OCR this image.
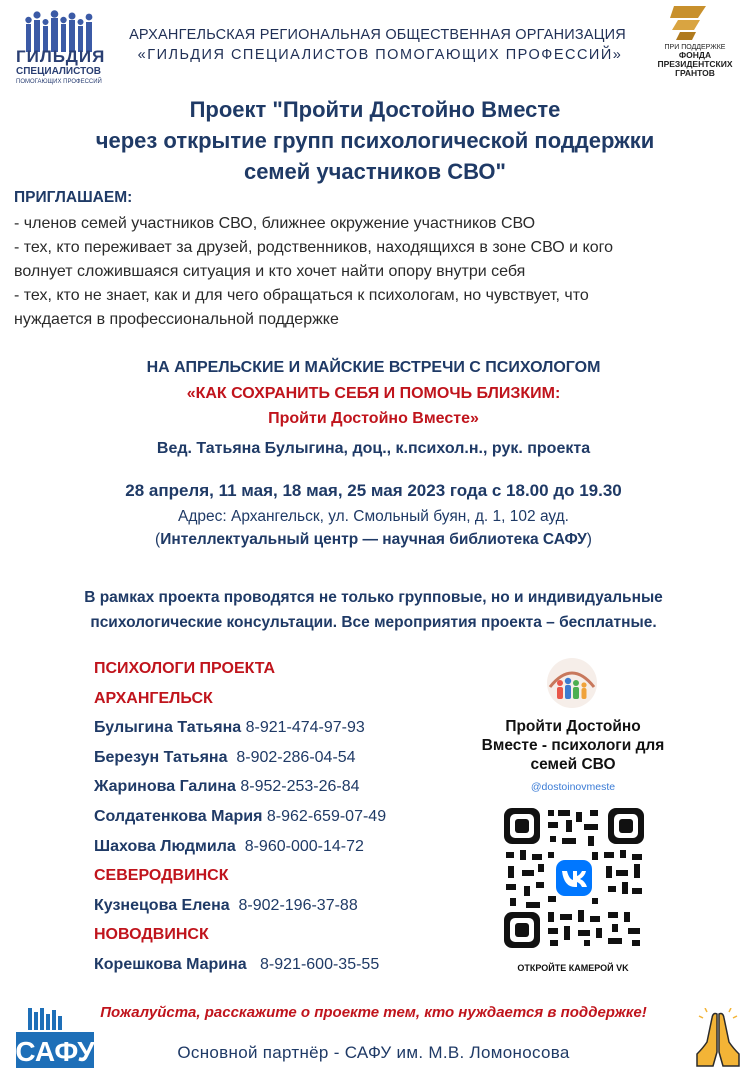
ГИЛЬДИЯ
СПЕЦИАЛИСТОВ
ПОМОГАЮЩИХ ПРОФЕССИЙ
АРХАНГЕЛЬСКАЯ РЕГИОНАЛЬНАЯ ОБЩЕСТВЕННАЯ ОРГАНИЗАЦИЯ
«ГИЛЬДИЯ СПЕЦИАЛИСТОВ ПОМОГАЮЩИХ ПРОФЕССИЙ»	ПРИ ПОДДЕРЖКЕ
ФОНДА
ПРЕЗИДЕНТСКИХ
ГРАНТОВ
Проект "Пройти Достойно Вместе
через открытие групп психологической поддержки
семей участников СВО"
ПРИГЛАШАЕМ:
- членов семей участников СВО, ближнее окружение участников СВО
- тех, кто переживает за друзей, родственников, находящихся в зоне СВО и кого
волнует сложившаяся ситуация и кто хочет найти опору внутри себя
- тех, кто не знает, как и для чего обращаться к психологам, но чувствует, что
нуждается в профессиональной поддержке
НА АПРЕЛЬСКИЕ И МАЙСКИЕ ВСТРЕЧИ С ПСИХОЛОГОМ
«КАК СОХРАНИТЬ СЕБЯ И ПОМОЧЬ БЛИЗКИМ:
Пройти Достойно Вместе»
Вед. Татьяна Булыгина, доц., к.психол.н., рук. проекта
28 апреля, 11 мая, 18 мая, 25 мая 2023 года с 18.00 до 19.30
Адрес: Архангельск, ул. Смольный буян, д. 1, 102 ауд.
(Интеллектуальный центр — научная библиотека САФУ)
В рамках проекта проводятся не только групповые, но и индивидуальные
психологические консультации. Все мероприятия проекта – бесплатные.
ПСИХОЛОГИ ПРОЕКТА
АРХАНГЕЛЬСК
Булыгина Татьяна 8-921-474-97-93
Березун Татьяна 8-902-286-04-54
Жаринова Галина 8-952-253-26-84
Солдатенкова Мария 8-962-659-07-49
Шахова Людмила 8-960-000-14-72
СЕВЕРОДВИНСК
Кузнецова Елена 8-902-196-37-88
НОВОДВИНСК
Корешкова Марина 8-921-600-35-55
Пройти Достойно
Вместе - психологи для
семей СВО
@dostoinovmeste
ОТКРОЙТЕ КАМЕРОЙ VK
Пожалуйста, расскажите о проекте тем, кто нуждается в поддержке!
Основной партнёр - САФУ им. М.В. Ломоносова
САФУ
